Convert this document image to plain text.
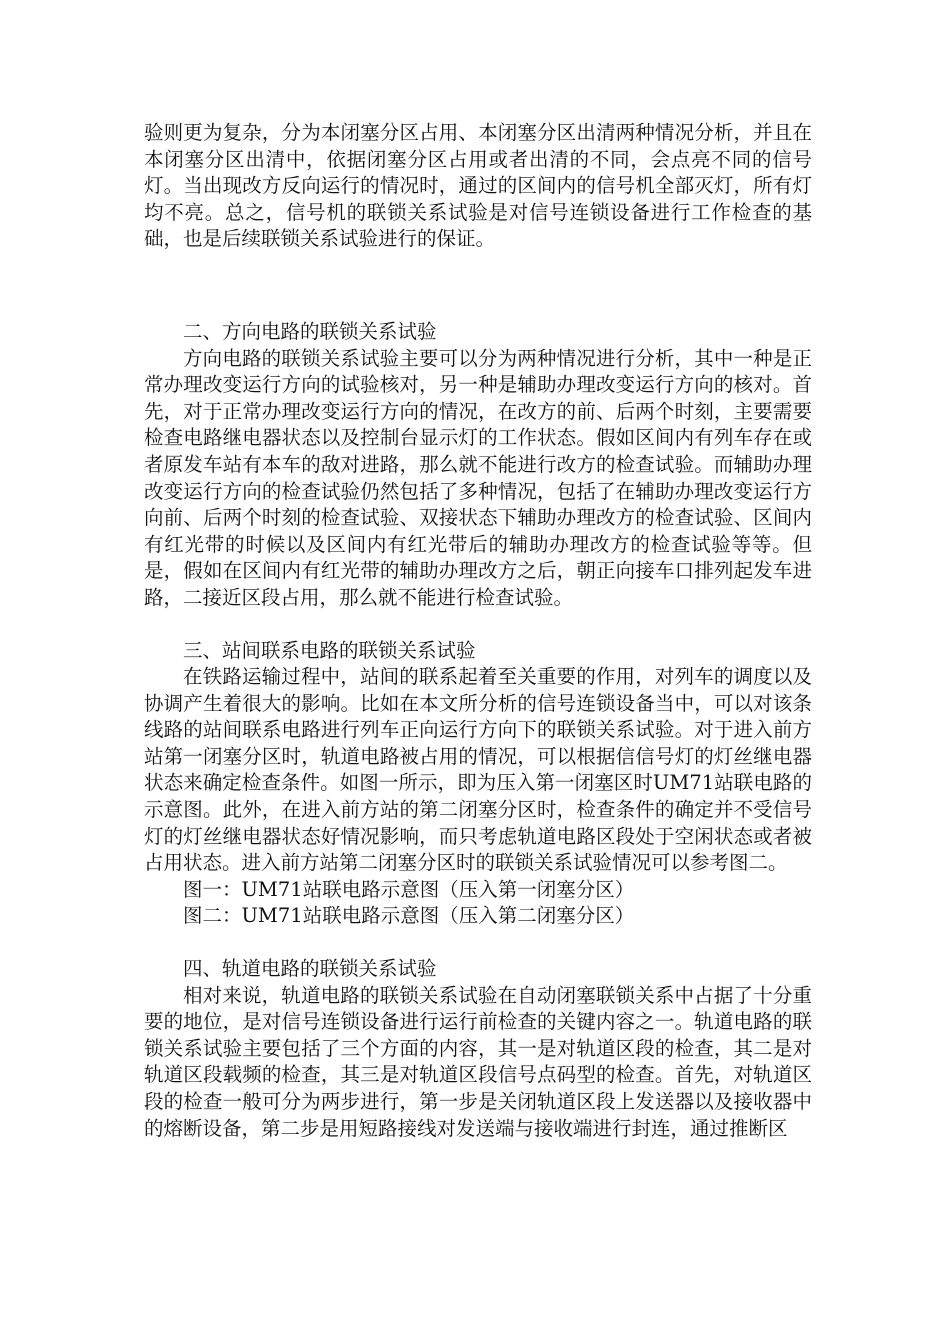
验则更为复杂，分为本闭塞分区占用、本闭塞分区出清两种情况分析，并且在本闭塞分区出清中，依据闭塞分区占用或者出清的不同，会点亮不同的信号灯。当出现改方反向运行的情况时，通过的区间内的信号机全部灭灯，所有灯均不亮。总之，信号机的联锁关系试验是对信号连锁设备进行工作检查的基础，也是后续联锁关系试验进行的保证。

二、方向电路的联锁关系试验

方向电路的联锁关系试验主要可以分为两种情况进行分析，其中一种是正常办理改变运行方向的试验核对，另一种是辅助办理改变运行方向的核对。首先，对于正常办理改变运行方向的情况，在改方的前、后两个时刻，主要需要检查电路继电器状态以及控制台显示灯的工作状态。假如区间内有列车存在或者原发车站有本车的敌对进路，那么就不能进行改方的检查试验。而辅助办理改变运行方向的检查试验仍然包括了多种情况，包括了在辅助办理改变运行方向前、后两个时刻的检查试验、双接状态下辅助办理改方的检查试验、区间内有红光带的时候以及区间内有红光带后的辅助办理改方的检查试验等等。但是，假如在区间内有红光带的辅助办理改方之后，朝正向接车口排列起发车进路，二接近区段占用，那么就不能进行检查试验。

三、站间联系电路的联锁关系试验

在铁路运输过程中，站间的联系起着至关重要的作用，对列车的调度以及协调产生着很大的影响。比如在本文所分析的信号连锁设备当中，可以对该条线路的站间联系电路进行列车正向运行方向下的联锁关系试验。对于进入前方站第一闭塞分区时，轨道电路被占用的情况，可以根据信信号灯的灯丝继电器状态来确定检查条件。如图一所示，即为压入第一闭塞区时UM71站联电路的示意图。此外，在进入前方站的第二闭塞分区时，检查条件的确定并不受信号灯的灯丝继电器状态好情况影响，而只考虑轨道电路区段处于空闲状态或者被占用状态。进入前方站第二闭塞分区时的联锁关系试验情况可以参考图二。

图一：UM71站联电路示意图（压入第一闭塞分区）

图二：UM71站联电路示意图（压入第二闭塞分区）

四、轨道电路的联锁关系试验

相对来说，轨道电路的联锁关系试验在自动闭塞联锁关系中占据了十分重要的地位，是对信号连锁设备进行运行前检查的关键内容之一。轨道电路的联锁关系试验主要包括了三个方面的内容，其一是对轨道区段的检查，其二是对轨道区段载频的检查，其三是对轨道区段信号点码型的检查。首先，对轨道区段的检查一般可分为两步进行，第一步是关闭轨道区段上发送器以及接收器中的熔断设备，第二步是用短路接线对发送端与接收端进行封连，通过推断区
